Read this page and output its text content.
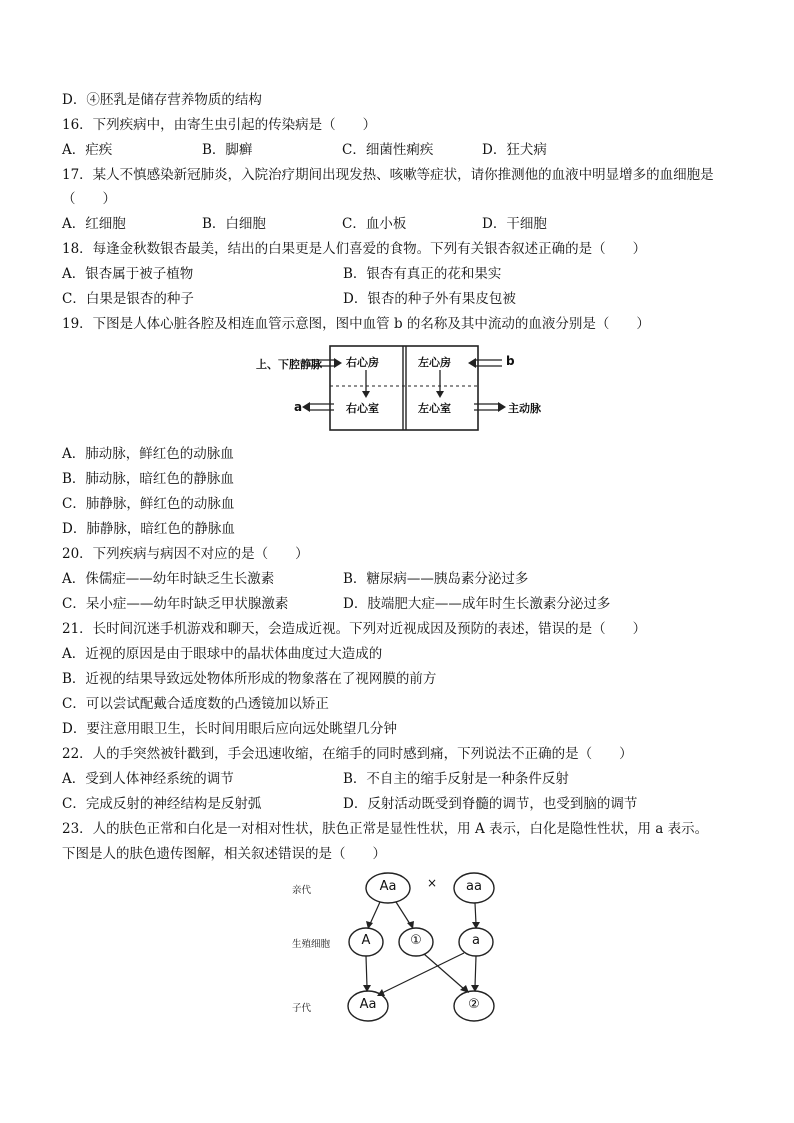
D．④胚乳是储存营养物质的结构
16．下列疾病中，由寄生虫引起的传染病是（　　）
A．疟疾	B．脚癣	C．细菌性痢疾	D．狂犬病
17．某人不慎感染新冠肺炎，入院治疗期间出现发热、咳嗽等症状，请你推测他的血液中明显增多的血细胞是
（　　）
A．红细胞	B．白细胞	C．血小板	D．干细胞
18．每逢金秋数银杏最美，结出的白果更是人们喜爱的食物。下列有关银杏叙述正确的是（　　）
A．银杏属于被子植物	B．银杏有真正的花和果实
C．白果是银杏的种子	D．银杏的种子外有果皮包被
19．下图是人体心脏各腔及相连血管示意图，图中血管 b 的名称及其中流动的血液分别是（　　）
上、下腔静脉 右心房	左心房
右心室	左心室	主动脉
a
b
A．肺动脉，鲜红色的动脉血
B．肺动脉，暗红色的静脉血
C．肺静脉，鲜红色的动脉血
D．肺静脉，暗红色的静脉血
20．下列疾病与病因不对应的是（　　）
A．侏儒症——幼年时缺乏生长激素	B．糖尿病——胰岛素分泌过多
C．呆小症——幼年时缺乏甲状腺激素	D．肢端肥大症——成年时生长激素分泌过多
21．长时间沉迷手机游戏和聊天，会造成近视。下列对近视成因及预防的表述，错误的是（　　）
A．近视的原因是由于眼球中的晶状体曲度过大造成的
B．近视的结果导致远处物体所形成的物象落在了视网膜的前方
C．可以尝试配戴合适度数的凸透镜加以矫正
D．要注意用眼卫生，长时间用眼后应向远处眺望几分钟
22．人的手突然被针戳到，手会迅速收缩，在缩手的同时感到痛，下列说法不正确的是（　　）
A．受到人体神经系统的调节	B．不自主的缩手反射是一种条件反射
C．完成反射的神经结构是反射弧	D．反射活动既受到脊髓的调节，也受到脑的调节
23．人的肤色正常和白化是一对相对性状，肤色正常是显性性状，用 A 表示，白化是隐性性状，用 a 表示。
下图是人的肤色遗传图解，相关叙述错误的是（　　）
亲代
生殖细胞
子代
Aa	×	aa
A	①	a
Aa	②
